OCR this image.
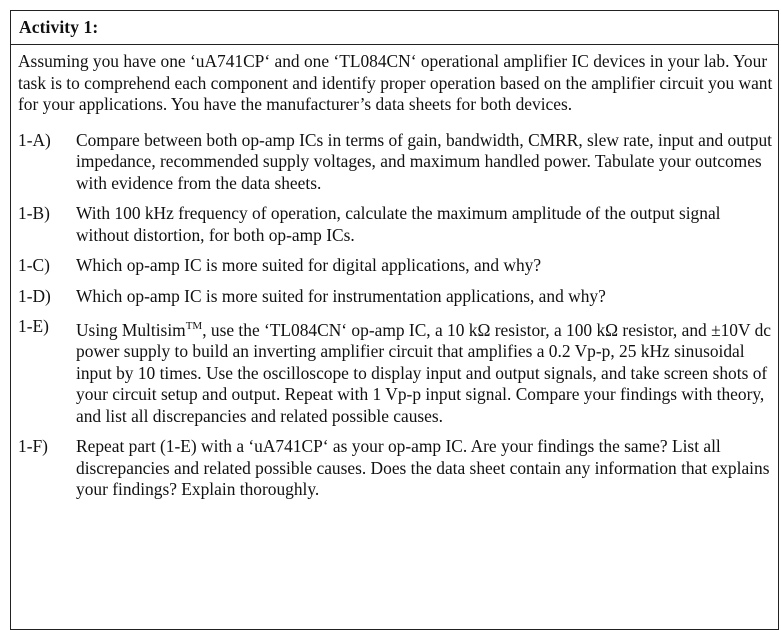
Activity 1:

Assuming you have one ‘uA741CP‘ and one ‘TL084CN‘ operational amplifier IC devices in your lab. Your task is to comprehend each component and identify proper operation based on the amplifier circuit you want for your applications. You have the manufacturer’s data sheets for both devices.

1-A)	Compare between both op-amp ICs in terms of gain, bandwidth, CMRR, slew rate, input and output impedance, recommended supply voltages, and maximum handled power. Tabulate your outcomes with evidence from the data sheets.
1-B)	With 100 kHz frequency of operation, calculate the maximum amplitude of the output signal without distortion, for both op-amp ICs.
1-C)	Which op-amp IC is more suited for digital applications, and why?
1-D)	Which op-amp IC is more suited for instrumentation applications, and why?
1-E)	Using Multisim™, use the ‘TL084CN‘ op-amp IC, a 10 kΩ resistor, a 100 kΩ resistor, and ±10V dc power supply to build an inverting amplifier circuit that amplifies a 0.2 Vp-p, 25 kHz sinusoidal input by 10 times. Use the oscilloscope to display input and output signals, and take screen shots of your circuit setup and output. Repeat with 1 Vp-p input signal. Compare your findings with theory, and list all discrepancies and related possible causes.
1-F)	Repeat part (1-E) with a ‘uA741CP‘ as your op-amp IC. Are your findings the same? List all discrepancies and related possible causes. Does the data sheet contain any information that explains your findings? Explain thoroughly.
